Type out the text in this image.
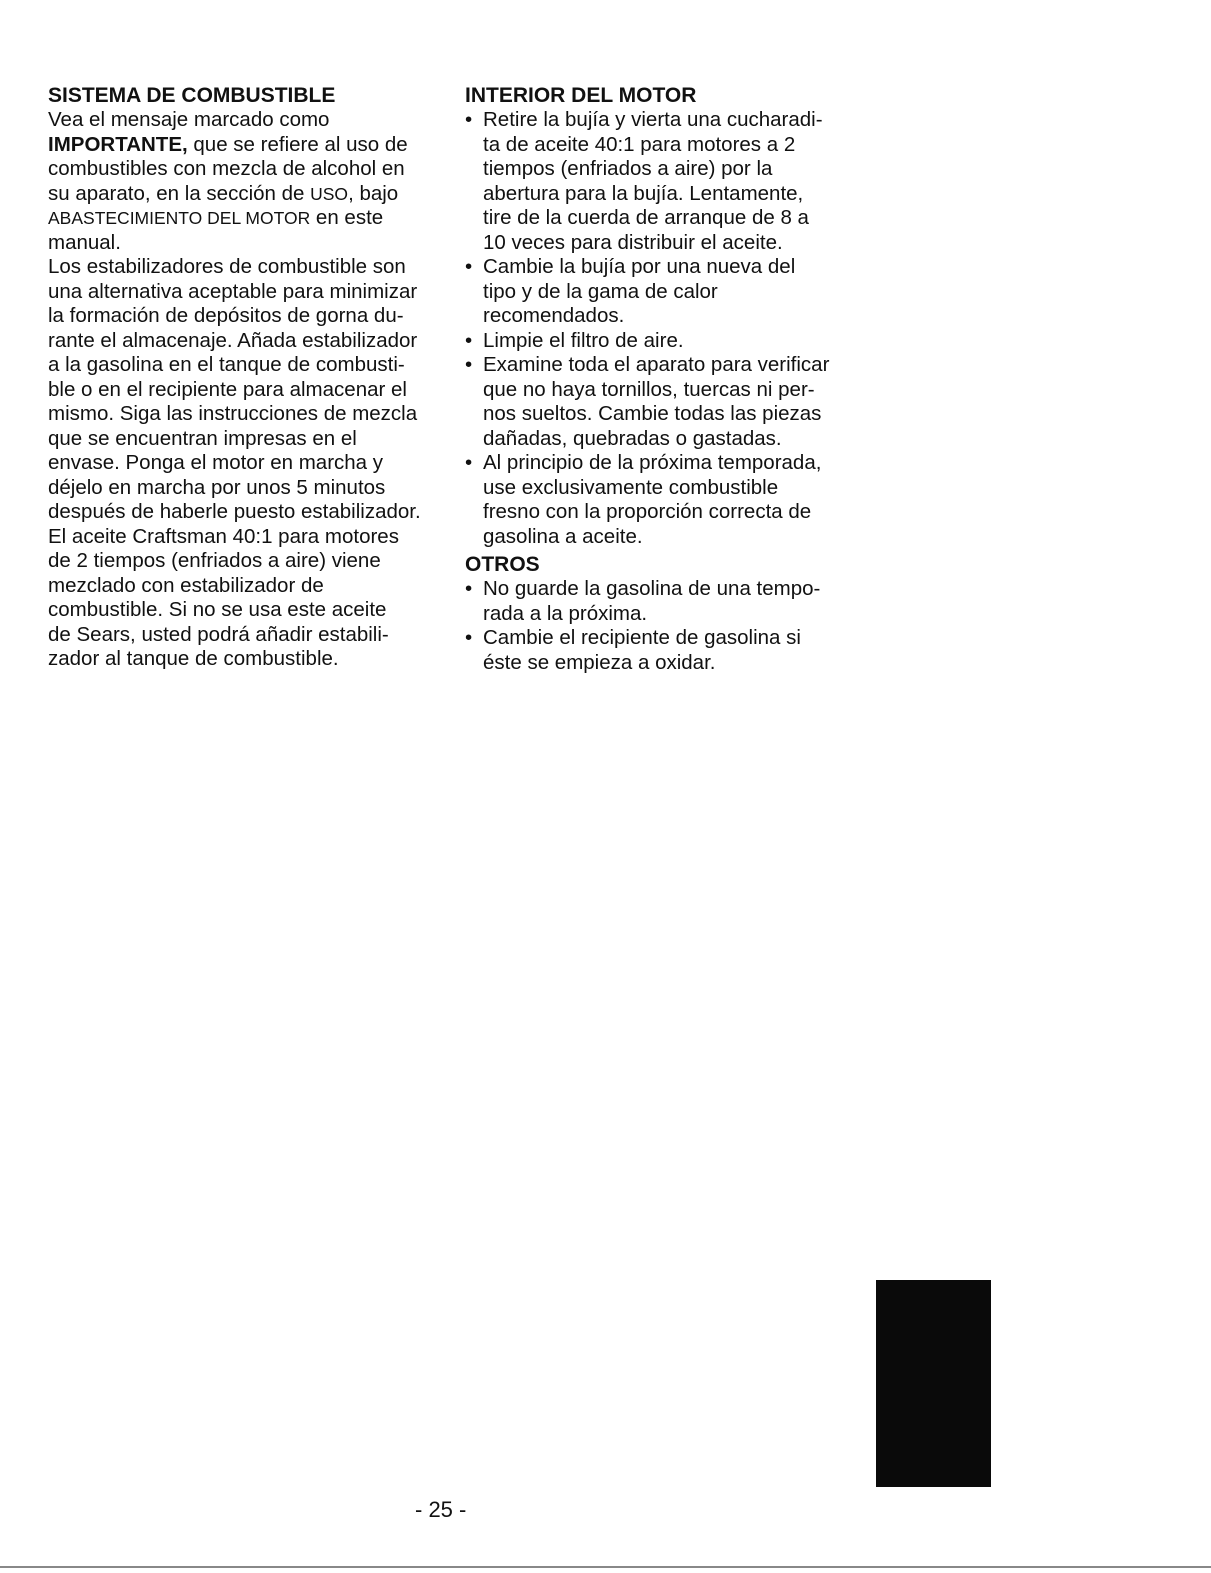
SISTEMA DE COMBUSTIBLE
Vea el mensaje marcado como
IMPORTANTE, que se refiere al uso de
combustibles con mezcla de alcohol en
su aparato, en la sección de USO, bajo
ABASTECIMIENTO DEL MOTOR en este
manual.
Los estabilizadores de combustible son
una alternativa aceptable para minimizar
la formación de depósitos de gorna du-
rante el almacenaje. Añada estabilizador
a la gasolina en el tanque de combusti-
ble o en el recipiente para almacenar el
mismo. Siga las instrucciones de mezcla
que se encuentran impresas en el
envase. Ponga el motor en marcha y
déjelo en marcha por unos 5 minutos
después de haberle puesto estabilizador.
El aceite Craftsman 40:1 para motores
de 2 tiempos (enfriados a aire) viene
mezclado con estabilizador de
combustible. Si no se usa este aceite
de Sears, usted podrá añadir estabili-
zador al tanque de combustible.
INTERIOR DEL MOTOR
• Retire la bujía y vierta una cucharadi-
ta de aceite 40:1 para motores a 2
tiempos (enfriados a aire) por la
abertura para la bujía. Lentamente,
tire de la cuerda de arranque de 8 a
10 veces para distribuir el aceite.
• Cambie la bujía por una nueva del
tipo y de la gama de calor
recomendados.
• Limpie el filtro de aire.
• Examine toda el aparato para verificar
que no haya tornillos, tuercas ni per-
nos sueltos. Cambie todas las piezas
dañadas, quebradas o gastadas.
• Al principio de la próxima temporada,
use exclusivamente combustible
fresno con la proporción correcta de
gasolina a aceite.
OTROS
• No guarde la gasolina de una tempo-
rada a la próxima.
• Cambie el recipiente de gasolina si
éste se empieza a oxidar.
- 25 -
